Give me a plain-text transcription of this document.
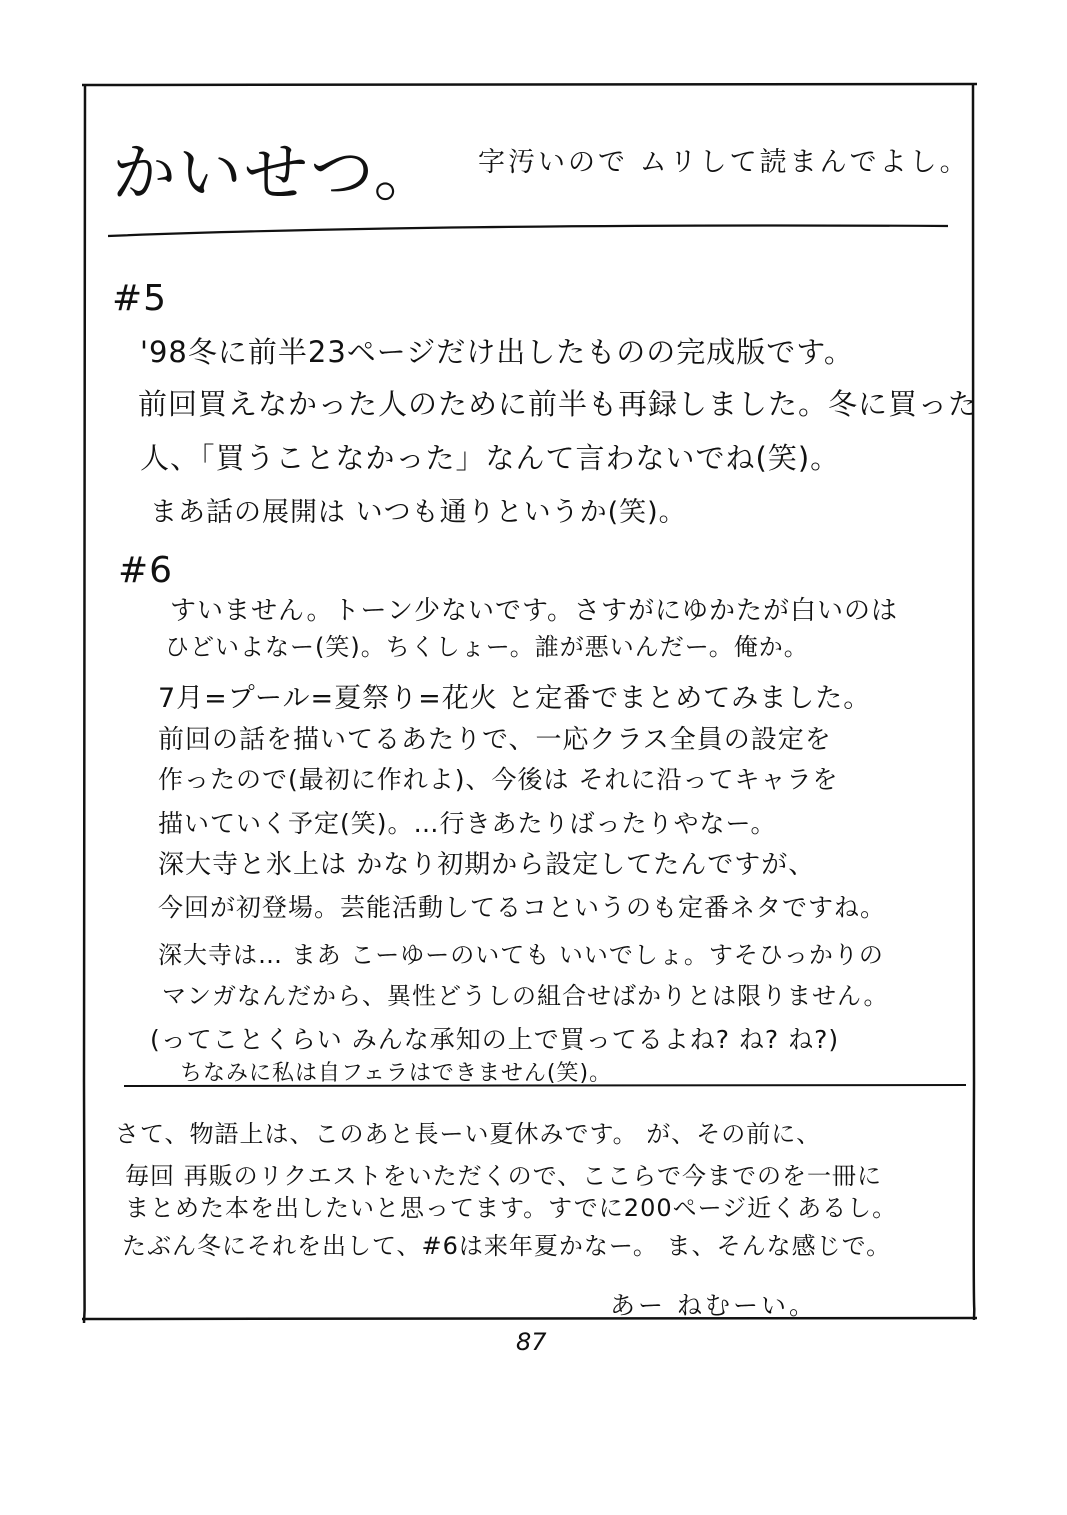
かいせつ。 字汚いので ムリして読まんでよし。
#5
'98冬に前半23ページだけ出したものの完成版です。
前回買えなかった人のために前半も再録しました。冬に買った
人、「買うことなかった」なんて言わないでね(笑)。
まあ話の展開は いつも通りというか(笑)。
#6
すいません。トーン少ないです。さすがにゆかたが白いのは
ひどいよなー(笑)。ちくしょー。誰が悪いんだー。俺か。
7月=プール=夏祭り=花火 と定番でまとめてみました。
前回の話を描いてるあたりで、一応クラス全員の設定を
作ったので(最初に作れよ)、今後は それに沿ってキャラを
描いていく予定(笑)。…行きあたりばったりやなー。
深大寺と氷上は かなり初期から設定してたんですが、
今回が初登場。芸能活動してるコというのも定番ネタですね。
深大寺は… まあ こーゆーのいても いいでしょ。すそひっかりの
マンガなんだから、異性どうしの組合せばかりとは限りません。
(ってことくらい みんな承知の上で買ってるよね? ね? ね?)
ちなみに私は自フェラはできません(笑)。
さて、物語上は、このあと長ーい夏休みです。 が、その前に、
毎回 再販のリクエストをいただくので、ここらで今までのを一冊に
まとめた本を出したいと思ってます。すでに200ページ近くあるし。
たぶん冬にそれを出して、#6は来年夏かなー。 ま、そんな感じで。
あー ねむーい。
87
